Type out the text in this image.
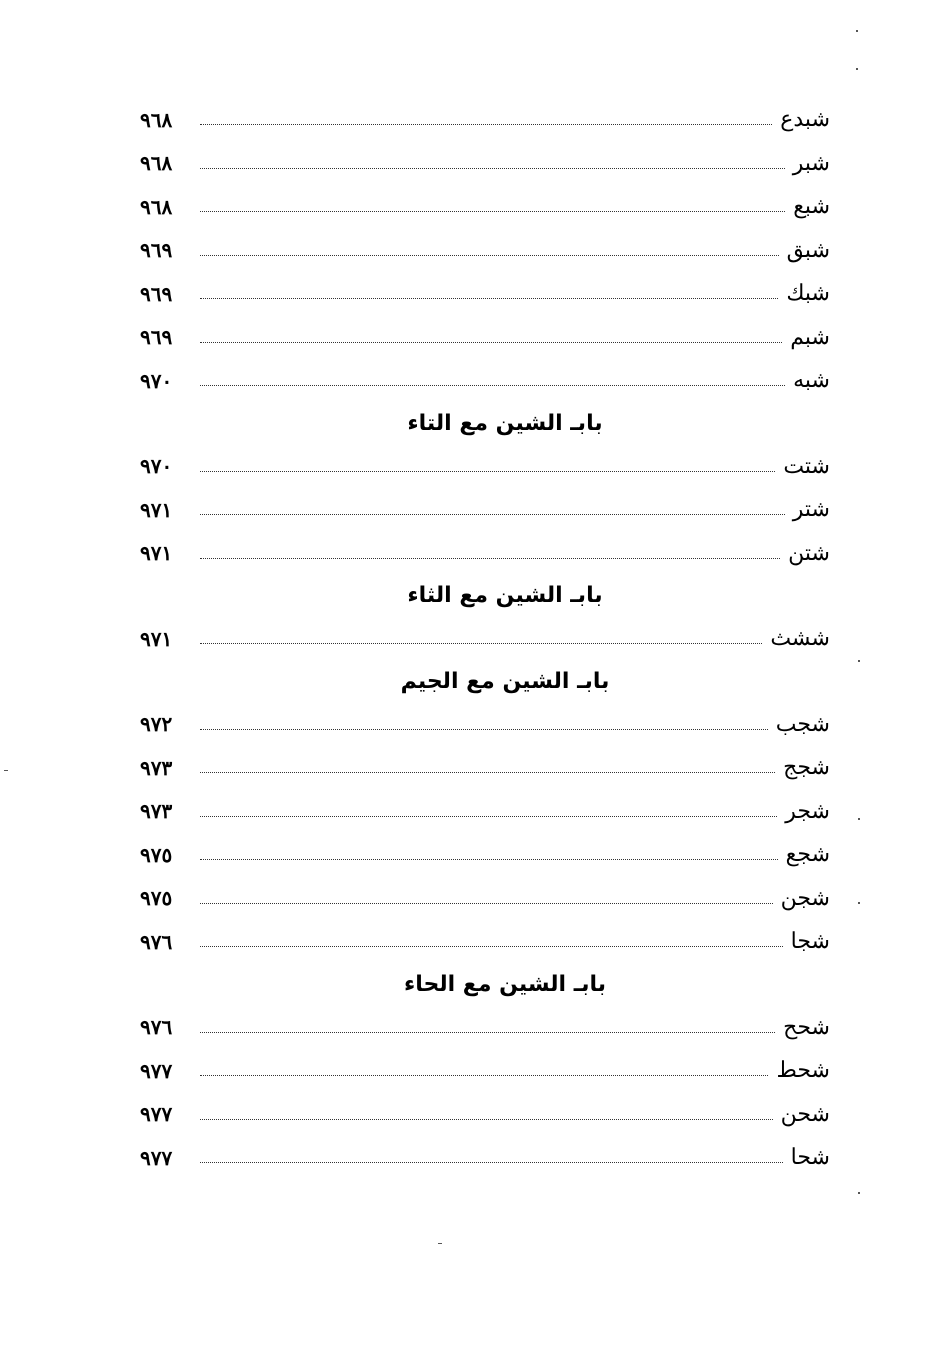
شبدع
٩٦٨
شبر
٩٦٨
شبع
٩٦٨
شبق
٩٦٩
شبك
٩٦٩
شبم
٩٦٩
شبه
٩٧٠
بابـ الشين مع التاء
شتت
٩٧٠
شتر
٩٧١
شتن
٩٧١
بابـ الشين مع الثاء
ششث
٩٧١
بابـ الشين مع الجيم
شجب
٩٧٢
شجج
٩٧٣
شجر
٩٧٣
شجع
٩٧٥
شجن
٩٧٥
شجا
٩٧٦
بابـ الشين مع الحاء
شحح
٩٧٦
شحط
٩٧٧
شحن
٩٧٧
شحا
٩٧٧
